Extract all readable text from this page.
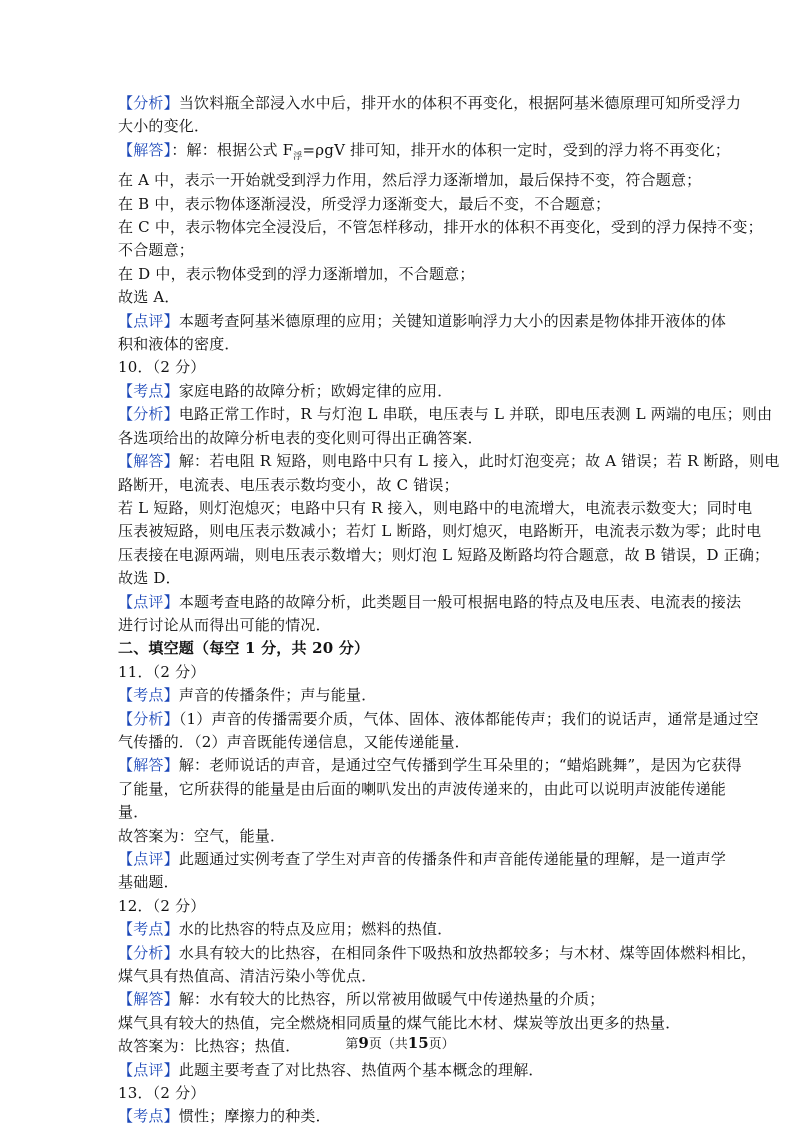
【分析】当饮料瓶全部浸入水中后，排开水的体积不再变化，根据阿基米德原理可知所受浮力
大小的变化．
【解答】：解：根据公式 $F_浮=\rho gV$ 排可知，排开水的体积一定时，受到的浮力将不再变化；
在 A 中，表示一开始就受到浮力作用，然后浮力逐渐增加，最后保持不变，符合题意；
在 B 中，表示物体逐渐浸没，所受浮力逐渐变大，最后不变，不合题意；
在 C 中，表示物体完全浸没后，不管怎样移动，排开水的体积不再变化，受到的浮力保持不变；
不合题意；
在 D 中，表示物体受到的浮力逐渐增加，不合题意；
故选 A．
【点评】本题考查阿基米德原理的应用；关键知道影响浮力大小的因素是物体排开液体的体
积和液体的密度．
10．（2 分）
【考点】家庭电路的故障分析；欧姆定律的应用．
【分析】电路正常工作时，R 与灯泡 L 串联，电压表与 L 并联，即电压表测 L 两端的电压；则由
各选项给出的故障分析电表的变化则可得出正确答案．
【解答】解：若电阻 R 短路，则电路中只有 L 接入，此时灯泡变亮；故 A 错误；若 R 断路，则电
路断开，电流表、电压表示数均变小，故 C 错误；
若 L 短路，则灯泡熄灭；电路中只有 R 接入，则电路中的电流增大，电流表示数变大；同时电
压表被短路，则电压表示数减小；若灯 L 断路，则灯熄灭，电路断开，电流表示数为零；此时电
压表接在电源两端，则电压表示数增大；则灯泡 L 短路及断路均符合题意，故 B 错误，D 正确；
故选 D．
【点评】本题考查电路的故障分析，此类题目一般可根据电路的特点及电压表、电流表的接法
进行讨论从而得出可能的情况．
二、填空题（每空 1 分，共 20 分）
11．（2 分）
【考点】声音的传播条件；声与能量．
【分析】（1）声音的传播需要介质，气体、固体、液体都能传声；我们的说话声，通常是通过空
气传播的．（2）声音既能传递信息，又能传递能量．
【解答】解：老师说话的声音，是通过空气传播到学生耳朵里的；“蜡焰跳舞”，是因为它获得
了能量，它所获得的能量是由后面的喇叭发出的声波传递来的，由此可以说明声波能传递能
量．
故答案为：空气，能量．
【点评】此题通过实例考查了学生对声音的传播条件和声音能传递能量的理解，是一道声学
基础题．
12．（2 分）
【考点】水的比热容的特点及应用；燃料的热值．
【分析】水具有较大的比热容，在相同条件下吸热和放热都较多；与木材、煤等固体燃料相比，
煤气具有热值高、清洁污染小等优点．
【解答】解：水有较大的比热容，所以常被用做暖气中传递热量的介质；
煤气具有较大的热值，完全燃烧相同质量的煤气能比木材、煤炭等放出更多的热量．
故答案为：比热容；热值．
【点评】此题主要考查了对比热容、热值两个基本概念的理解．
13．（2 分）
【考点】惯性；摩擦力的种类．
第9页（共15页）
